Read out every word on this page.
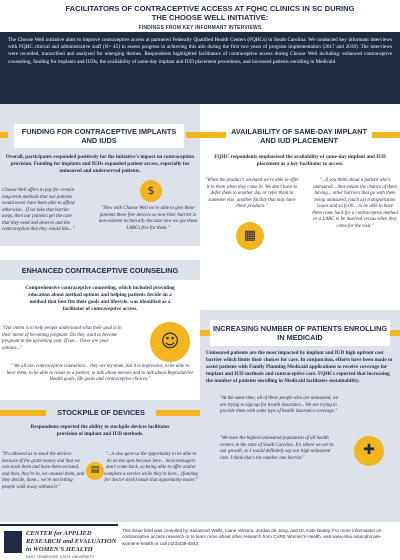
FACILITATORS OF CONTRACEPTIVE ACCESS AT FQHC CLINICS IN SC DURING THE CHOOSE WELL INITIATIVE:
FINDINGS FROM KEY INFORMANT INTERVIEWS
The Choose Well initiative aims to improve contraceptive access at partnered Federally Qualified Health Centers (FQHCs) in South Carolina. We conducted key informant interviews with FQHC clinical and administrative staff (N= 45) to assess progress in achieving this aim during the first two years of program implementation (2017 and 2018). The interviews were recorded, transcribed and analyzed for emerging themes. Respondents highlighted facilitators of contraceptive access during Choose Well including: enhanced contraceptive counseling, funding for implants and IUDs, the availability of same-day implant and IUD placement procedures, and increased patients enrolling in Medicaid.
FUNDING FOR CONTRACEPTIVE IMPLANTS AND IUDS
Overall, participants responded positively for the initiative's impact on contraception provision. Funding for implants and IUDs expanded patient access, especially for uninsured and underserved patients.
Choose Well offers to pay for certain long-term methods that our patients would never have been able to afford otherwise... If we take that barrier away, then our patients get the care that they need and deserve and the contraception that they would like..."
"Now with Choose Well we're able to give these patients these free devices so now their barrier is non-existent technically because now we got those LARCs free for them."
$
ENHANCED CONTRACEPTIVE COUNSELING
Comprehensive contraceptive counseling, which included providing education about method options and helping patients decide on a method that best fits their goals and lifestyle, was identified as a facilitator of contraceptive access.
"Our intent is to help people understand what their goal is in their intent of becoming pregnant. Do they want to become pregnant in the upcoming year. If not... These are your options..."	☺
" We all are, contraceptive counselors... they are my team, but it is impressive, to be able to hear them, to be able to relate to a patient, to talk about menses and to talk about Reproductive Health goals, life goals and contraceptive choices."
STOCKPILE OF DEVICES
Respondents reported the ability to stockpile devices facilitates provision of implant and IUD methods.
"It's allowed us to stock the devices because of the grant money and that we can stock them and have them on hand, and then, they're in, we counsel them, and they decide, done... we're not letting people walk away without it."
"...it also gave us the opportunity to be able to do on the spot because here... most teenagers don't come back, so being able to offer and/or complete a service while they're here... (funding for device stock) made that opportunity easier."
▤
AVAILABILITY OF SAME-DAY IMPLANT AND IUD PLACEMENT
FQHC respondents emphasized the availability of same-day implant and IUD placement as a key facilitator to access.
"When the product's on-hand we're able to offer it to them when they come in. We don't have to defer them to another day or refer them to someone else, another facility that may have these products."
"...if you think about a patient who's uninsured... that means the chance of them having... other barriers that go with them being uninsured, (such as) transportation issues and so forth... to be able to have them come back for a contraceptive method or a LARC to be inserted versus when they come for the visit."
▦
INCREASING NUMBER OF PATIENTS ENROLLING IN MEDICAID
Uninsured patients are the most impacted by implant and IUD high upfront cost barrier which limits their choices for care. In conjunction, efforts have been made to assist patients with Family Planning Medicaid applications to receive coverage for implant and IUD methods and contraceptive care. FQHCs reported that increasing the number of patients enrolling in Medicaid facilitates sustainability.
"At the same time, all of these people who are uninsured, we are trying to sign up for health insurance... We are trying to provide them with some type of health insurance coverage."
"We have the highest uninsured population of all health centers in the state of South Carolina. It's where we are in our growth, so I would definitely say our high uninsured rate. I think that's the number one barrier."	✚
CENTER for APPLIED
RESEARCH and EVALUATION
in WOMEN'S HEALTH
EAST TENNESSEE STATE UNIVERSITY
This issue brief was compiled by Savannah Wells, Liane Ventura, Jordan de Jong, and Dr. Kate Beatty. For more information on contraceptive access research or to learn more about other research from CARE Women's Health, visit www.etsu.edu/cph/care-womens-health or call (423)439-4843.
